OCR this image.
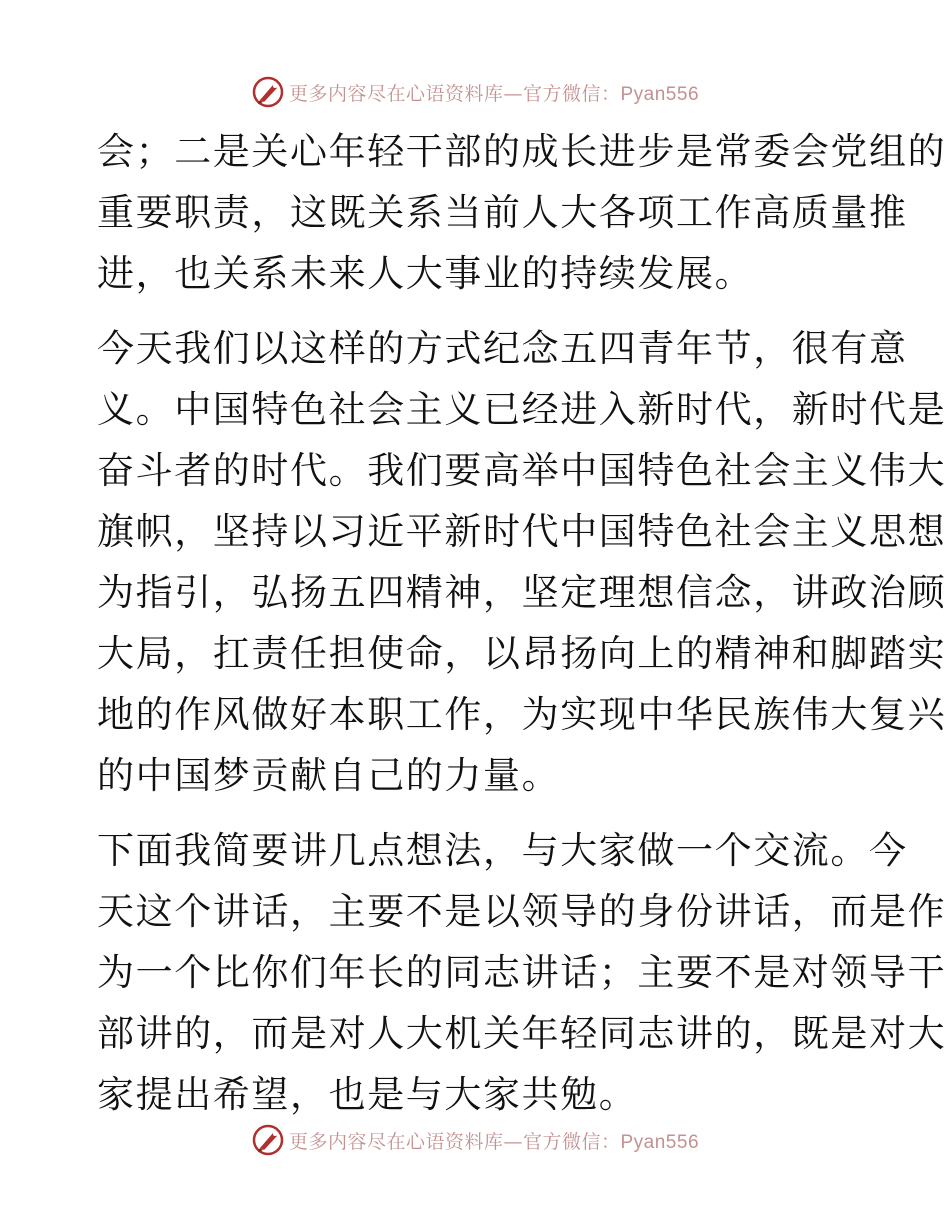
更多内容尽在心语资料库—官方微信：Pyan556
会；二是关心年轻干部的成长进步是常委会党组的
重要职责，这既关系当前人大各项工作高质量推
进，也关系未来人大事业的持续发展。
今天我们以这样的方式纪念五四青年节，很有意
义。中国特色社会主义已经进入新时代，新时代是
奋斗者的时代。我们要高举中国特色社会主义伟大
旗帜，坚持以习近平新时代中国特色社会主义思想
为指引，弘扬五四精神，坚定理想信念，讲政治顾
大局，扛责任担使命，以昂扬向上的精神和脚踏实
地的作风做好本职工作，为实现中华民族伟大复兴
的中国梦贡献自己的力量。
下面我简要讲几点想法，与大家做一个交流。今
天这个讲话，主要不是以领导的身份讲话，而是作
为一个比你们年长的同志讲话；主要不是对领导干
部讲的，而是对人大机关年轻同志讲的，既是对大
家提出希望，也是与大家共勉。
更多内容尽在心语资料库—官方微信：Pyan556
